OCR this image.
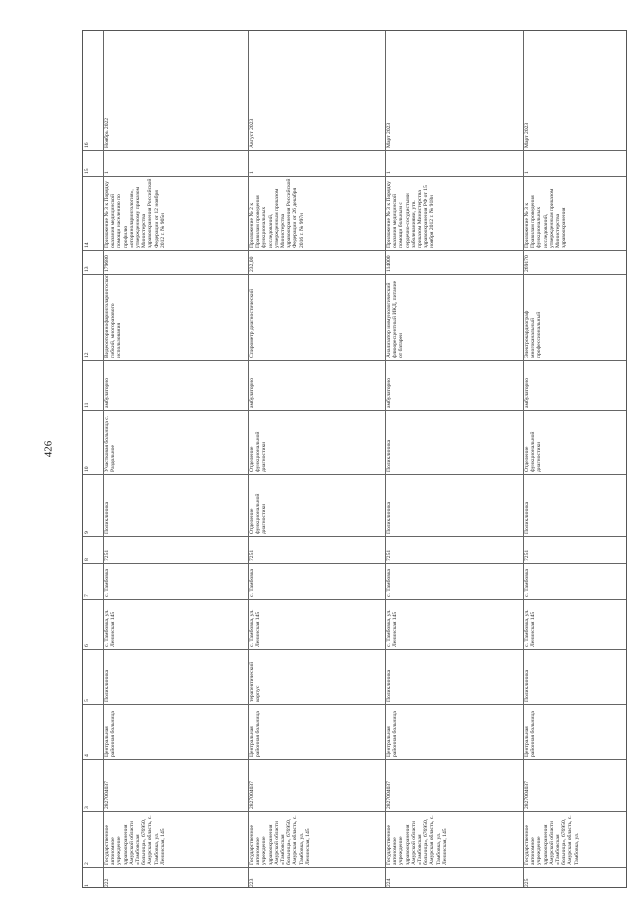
426
1
2
3
4
5
6
7
8
9
10
11
12
13
14
15
16
222
Государственное автономное учреждение здравоохранения Амурской области «Тамбовская больница», 676950, Амурская область, с. Тамбовка, ул. Ленинская, 145
2827004037
Центральная районная больница
Поликлиника
с. Тамбовка, ул. Ленинская 145
с. Тамбовка
7251
Поликлиника
Участковая больница с. Раздольное
амбулаторно
Видеооторинофаринголарингоскоп гибкий, многоразового использования
179680
Приложение № 3 к Порядку оказания медицинской помощи населению по профилю «оториноларингология», утвержденному приказом Министерства здравоохранения Российской Федерации от 12 ноября 2012 г. № 905н
1
Ноябрь 2022
223
Государственное автономное учреждение здравоохранения Амурской области «Тамбовская больница», 676950, Амурская область, с. Тамбовка, ул. Ленинская, 145
2827004037
Центральная районная больница
терапевтический корпус
с. Тамбовка, ул. Ленинская 145
с. Тамбовка
7251
Отделение функциональной диагностики
Отделение функциональной диагностики
амбулаторно
Спирометр диагностический
232,00
Приложение № 2 к Правилам проведения функциональных исследований, утвержденным приказом Министерства здравоохранения Российской Федерации от 26 декабря 2016 г. № 997н
1
Август 2023
224
Государственное автономное учреждение здравоохранения Амурской области «Тамбовская больница», 676950, Амурская область, с. Тамбовка, ул. Ленинская, 145
2827004037
Центральная районная больница
Поликлиника
с. Тамбовка, ул. Ленинская 145
с. Тамбовка
7251
Поликлиника
Поликлиника
амбулаторно
Анализатор иммунологический флюоресцентный ИКД, питание от батареи
114000
Приложение № 3 к Порядку оказания медицинской помощи больным с сердечно-сосудистыми заболеваниями, утв. приказом Министерства здравоохранения РФ от 15 ноября 2012 г. № 918н
1
Март 2023
225
Государственное автономное учреждение здравоохранения Амурской области «Тамбовская больница», 676950, Амурская область, с. Тамбовка, ул.
2827004037
Центральная районная больница
Поликлиника
с. Тамбовка, ул. Ленинская 145
с. Тамбовка
7251
Поликлиника
Отделение функциональной диагностики
амбулаторно
Электрокардиограф многоканальный профессиональный
269170
Приложение № 3 к Правилам проведения функциональных исследований, утвержденным приказом Министерства здравоохранения
1
Март 2023
